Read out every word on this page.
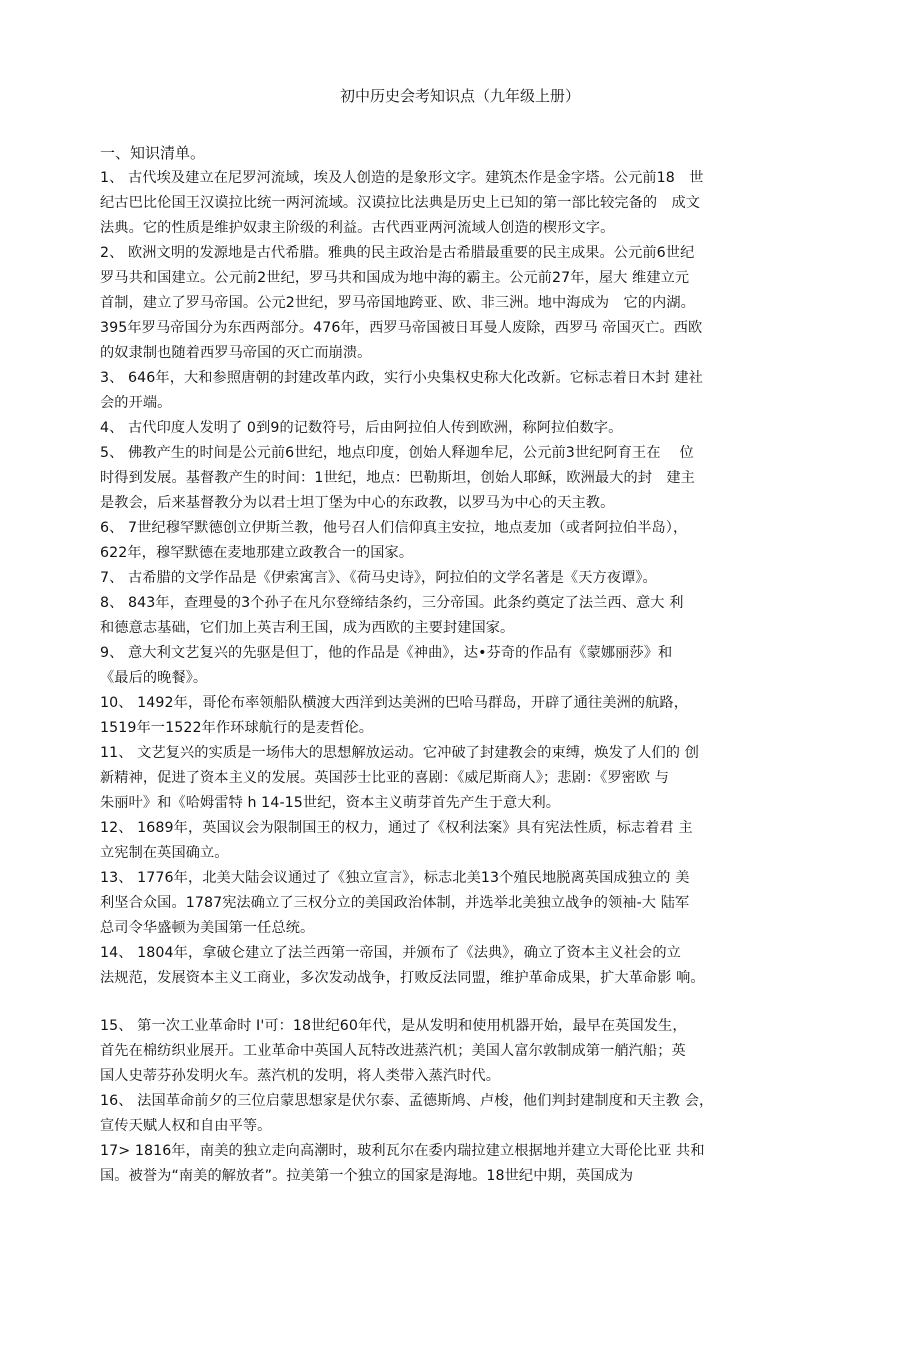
初中历史会考知识点（九年级上册）
一、知识清单。
1、 古代埃及建立在尼罗河流域，埃及人创造的是象形文字。建筑杰作是金字塔。公元前18　世
纪古巴比伦国王汉谟拉比统一两河流域。汉谟拉比法典是历史上已知的第一部比较完备的　成文
法典。它的性质是维护奴隶主阶级的利益。古代西亚两河流域人创造的楔形文字。
2、 欧洲文明的发源地是古代希腊。雅典的民主政治是古希腊最重要的民主成果。公元前6世纪
罗马共和国建立。公元前2世纪，罗马共和国成为地中海的霸主。公元前27年，屋大 维建立元
首制，建立了罗马帝国。公元2世纪，罗马帝国地跨亚、欧、非三洲。地中海成为　它的内湖。
395年罗马帝国分为东西两部分。476年，西罗马帝国被日耳曼人废除，西罗马 帝国灭亡。西欧
的奴隶制也随着西罗马帝国的灭亡而崩溃。
3、 646年，大和参照唐朝的封建改革内政，实行小央集权史称大化改新。它标志着日木封 建社
会的开端。
4、 古代印度人发明了 0到9的记数符号，后由阿拉伯人传到欧洲，称阿拉伯数字。
5、 佛教产生的时间是公元前6世纪，地点印度，创始人释迦牟尼，公元前3世纪阿育王在　 位
时得到发展。基督教产生的时间：1世纪，地点：巴勒斯坦，创始人耶稣，欧洲最大的封　建主
是教会，后来基督教分为以君士坦丁堡为中心的东政教，以罗马为中心的天主教。
6、 7世纪穆罕默德创立伊斯兰教，他号召人们信仰真主安拉，地点麦加（或者阿拉伯半岛），
622年，穆罕默德在麦地那建立政教合一的国家。
7、 古希腊的文学作品是《伊索寓言》、《荷马史诗》，阿拉伯的文学名著是《天方夜谭》。
8、 843年，查理曼的3个孙子在凡尔登缔结条约，三分帝国。此条约奠定了法兰西、意大 利
和德意志基础，它们加上英吉利王国，成为西欧的主要封建国家。
9、 意大利文艺复兴的先驱是但丁，他的作品是《神曲》，达•芬奇的作品有《蒙娜丽莎》和
《最后的晚餐》。
10、 1492年，哥伦布率领船队横渡大西洋到达美洲的巴哈马群岛，开辟了通往美洲的航路，
1519年一1522年作环球航行的是麦哲伦。
11、 文艺复兴的实质是一场伟大的思想解放运动。它冲破了封建教会的束缚，焕发了人们的 创
新精神，促进了资本主义的发展。英国莎士比亚的喜剧：《威尼斯商人》；悲剧：《罗密欧 与
朱丽叶》和《哈姆雷特 h 14-15世纪，资本主义萌芽首先产生于意大利。
12、 1689年，英国议会为限制国王的权力，通过了《权利法案》具有宪法性质，标志着君 主
立宪制在英国确立。
13、 1776年，北美大陆会议通过了《独立宣言》，标志北美13个殖民地脱离英国成独立的 美
利坚合众国。1787宪法确立了三权分立的美国政治体制，并选举北美独立战争的领袖-大 陆军
总司令华盛顿为美国第一任总统。
14、 1804年，拿破仑建立了法兰西第一帝国，并颁布了《法典》，确立了资本主义社会的立
法规范，发展资本主义工商业，多次发动战争，打败反法同盟，维护革命成果，扩大革命影 响。
15、 第一次工业革命时 I'可：18世纪60年代，是从发明和使用机器开始，最早在英国发生，
首先在棉纺织业展开。工业革命中英国人瓦特改进蒸汽机；美国人富尔敦制成第一艄汽船；英
国人史蒂芬孙发明火车。蒸汽机的发明，将人类带入蒸汽时代。
16、 法国革命前夕的三位启蒙思想家是伏尔泰、孟德斯鸠、卢梭，他们判封建制度和天主教 会，
宣传天赋人权和自由平等。
17> 1816年，南美的独立走向高潮时，玻利瓦尔在委内瑞拉建立根据地并建立大哥伦比亚 共和
国。被誉为“南美的解放者”。拉美第一个独立的国家是海地。18世纪中期，英国成为
